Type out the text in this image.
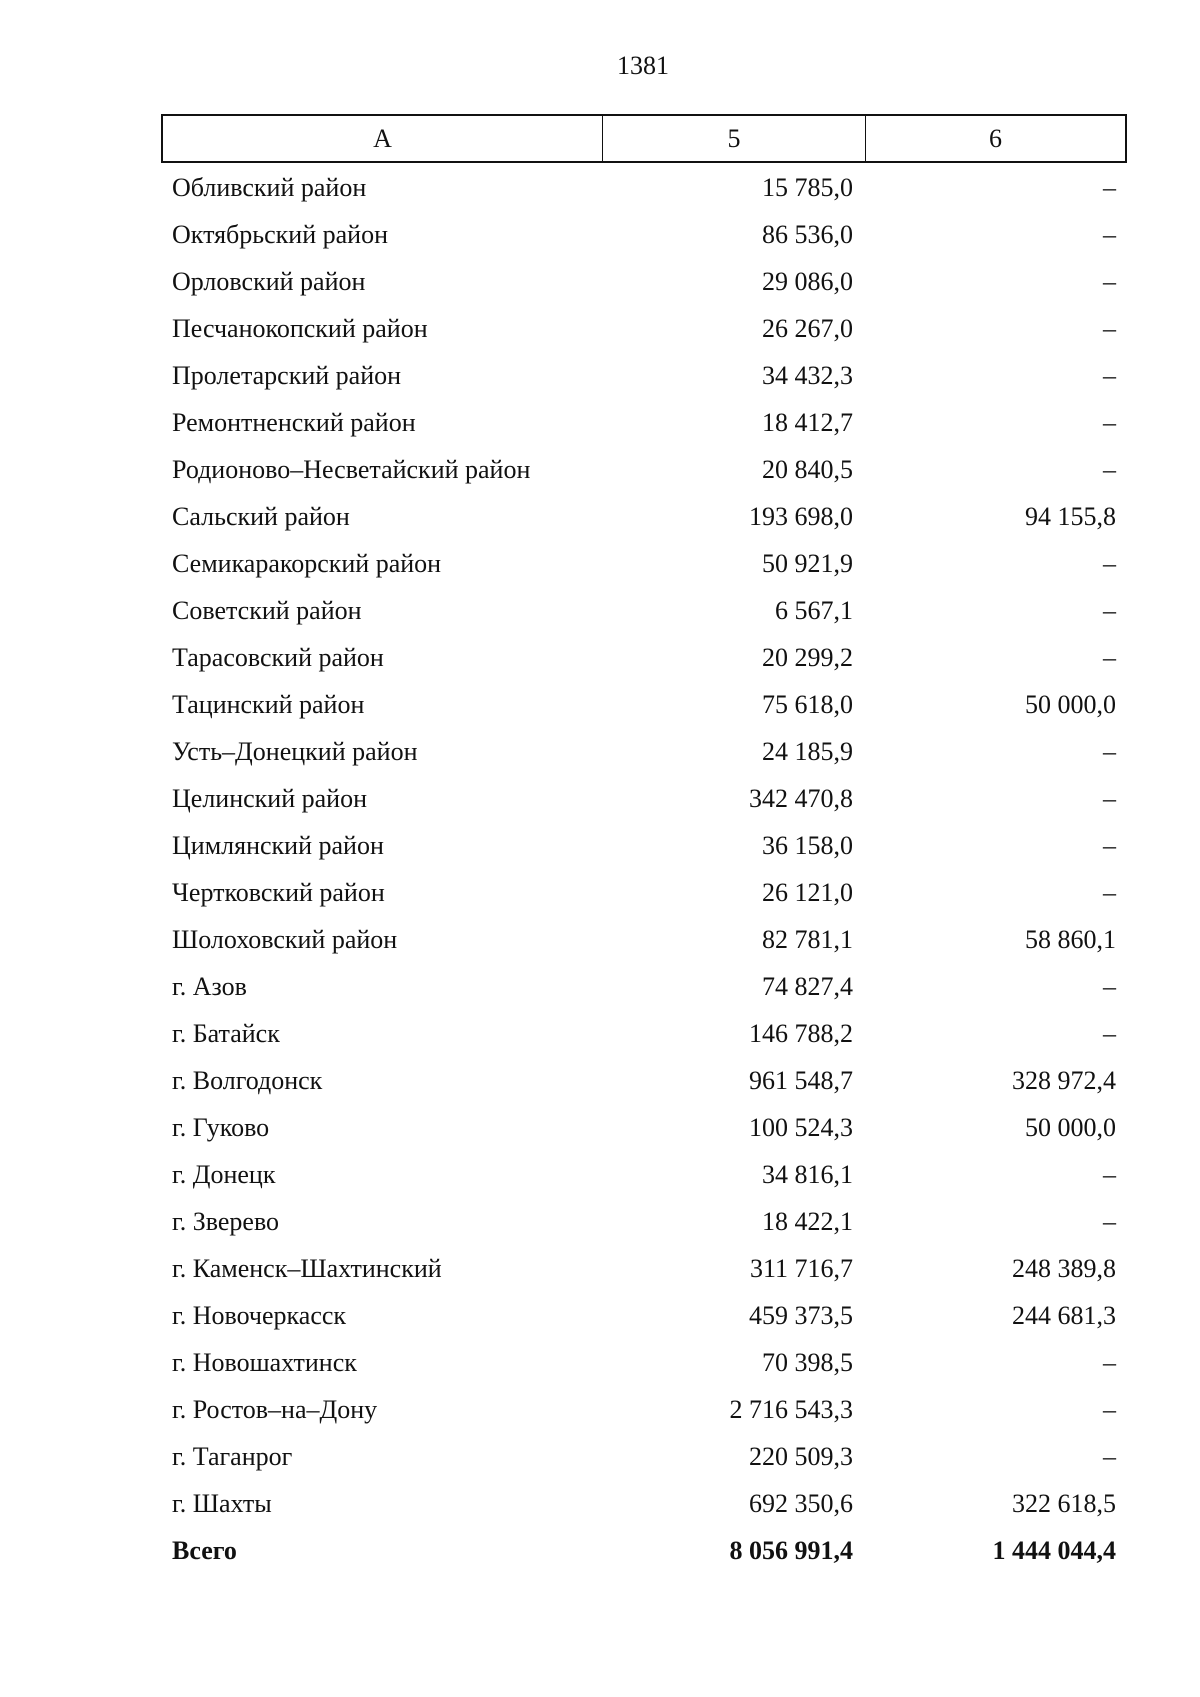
1381
А	5	6
Обливский район	15 785,0	–
Октябрьский район	86 536,0	–
Орловский район	29 086,0	–
Песчанокопский район	26 267,0	–
Пролетарский район	34 432,3	–
Ремонтненский район	18 412,7	–
Родионово–Несветайский район	20 840,5	–
Сальский район	193 698,0	94 155,8
Семикаракорский район	50 921,9	–
Советский район	6 567,1	–
Тарасовский район	20 299,2	–
Тацинский район	75 618,0	50 000,0
Усть–Донецкий район	24 185,9	–
Целинский район	342 470,8	–
Цимлянский район	36 158,0	–
Чертковский район	26 121,0	–
Шолоховский район	82 781,1	58 860,1
г. Азов	74 827,4	–
г. Батайск	146 788,2	–
г. Волгодонск	961 548,7	328 972,4
г. Гуково	100 524,3	50 000,0
г. Донецк	34 816,1	–
г. Зверево	18 422,1	–
г. Каменск–Шахтинский	311 716,7	248 389,8
г. Новочеркасск	459 373,5	244 681,3
г. Новошахтинск	70 398,5	–
г. Ростов–на–Дону	2 716 543,3	–
г. Таганрог	220 509,3	–
г. Шахты	692 350,6	322 618,5
Всего	8 056 991,4	1 444 044,4
